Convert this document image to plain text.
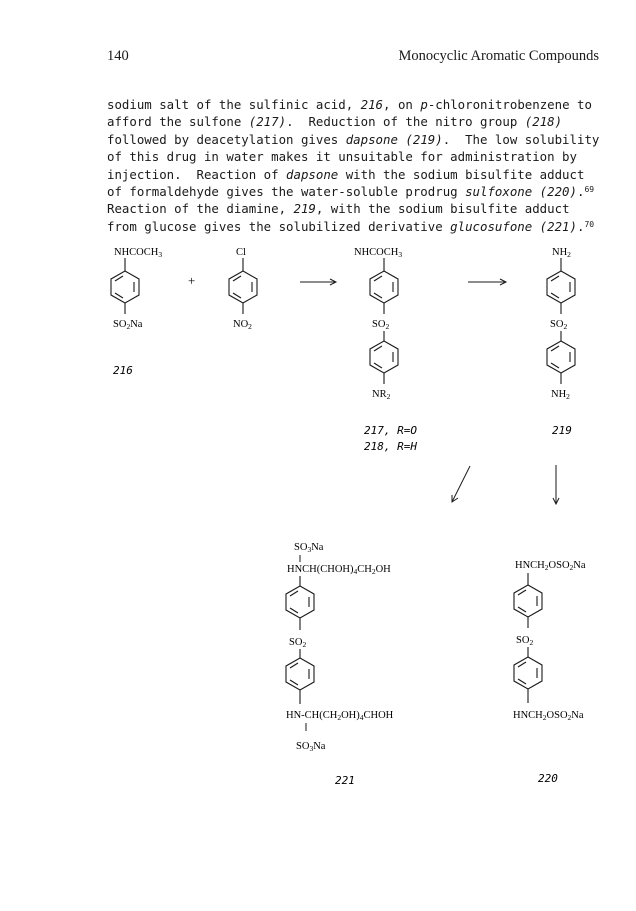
140	Monocyclic Aromatic Compounds
sodium salt of the sulfinic acid, 216, on p-chloronitrobenzene to
afford the sulfone (217).  Reduction of the nitro group (218)
followed by deacetylation gives dapsone (219).  The low solubility
of this drug in water makes it unsuitable for administration by
injection.  Reaction of dapsone with the sodium bisulfite adduct
of formaldehyde gives the water-soluble prodrug sulfoxone (220).$^{69}$
Reaction of the diamine, 219, with the sodium bisulfite adduct
from glucose gives the solubilized derivative glucosufone (221).$^{70}$
NHCOCH3
SO2Na
216
+
Cl
NO2
NHCOCH3
SO2
NR2
217, R=O
218, R=H
NH2
SO2
NH2
219
SO3Na
HNCH(CHOH)4CH2OH
SO2
HN-CH(CH2OH)4CHOH
SO3Na
221
HNCH2OSO2Na
SO2
HNCH2OSO2Na
220
